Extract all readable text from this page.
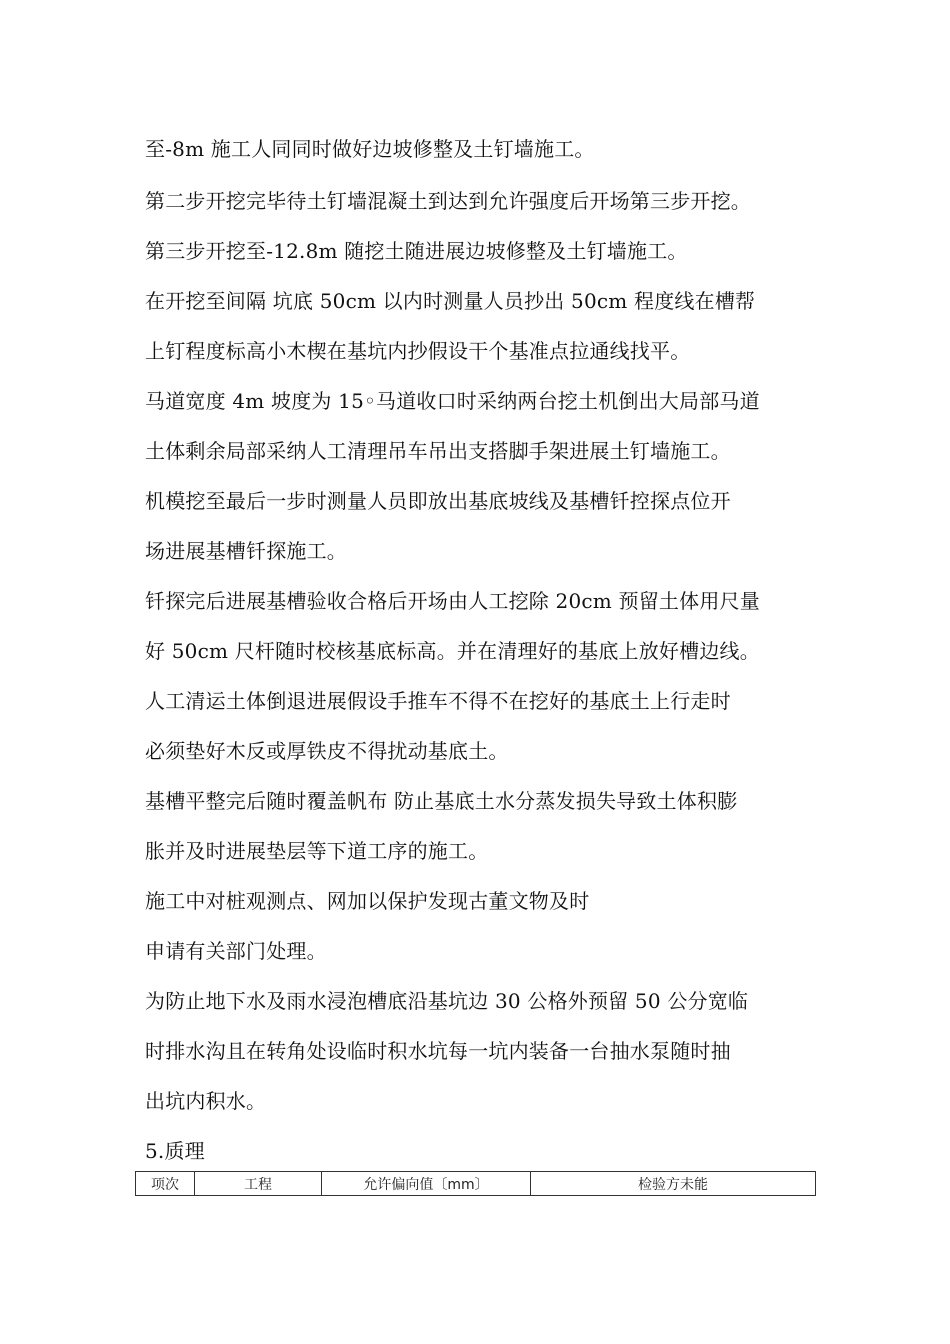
至-8m 施工人同同时做好边坡修整及土钉墙施工。
第二步开挖完毕待土钉墙混凝土到达到允许强度后开场第三步开挖。
第三步开挖至-12.8m 随挖土随进展边坡修整及土钉墙施工。
在开挖至间隔 坑底 50cm 以内时测量人员抄出 50cm 程度线在槽帮
上钉程度标高小木楔在基坑内抄假设干个基准点拉通线找平。
马道宽度 4m 坡度为 15◦马道收口时采纳两台挖土机倒出大局部马道
土体剩余局部采纳人工清理吊车吊出支搭脚手架进展土钉墙施工。
机模挖至最后一步时测量人员即放出基底坡线及基槽钎控探点位开
场进展基槽钎探施工。
钎探完后进展基槽验收合格后开场由人工挖除 20cm 预留土体用尺量
好 50cm 尺杆随时校核基底标高。并在清理好的基底上放好槽边线。
人工清运土体倒退进展假设手推车不得不在挖好的基底土上行走时
必须垫好木反或厚铁皮不得扰动基底土。
基槽平整完后随时覆盖帆布 防止基底土水分蒸发损失导致土体积膨
胀并及时进展垫层等下道工序的施工。
施工中对桩观测点、网加以保护发现古董文物及时
申请有关部门处理。
为防止地下水及雨水浸泡槽底沿基坑边 30 公格外预留 50 公分宽临
时排水沟且在转角处设临时积水坑每一坑内装备一台抽水泵随时抽
出坑内积水。
5.质理
项次	工程	允许偏向值〔mm〕	检验方未能
